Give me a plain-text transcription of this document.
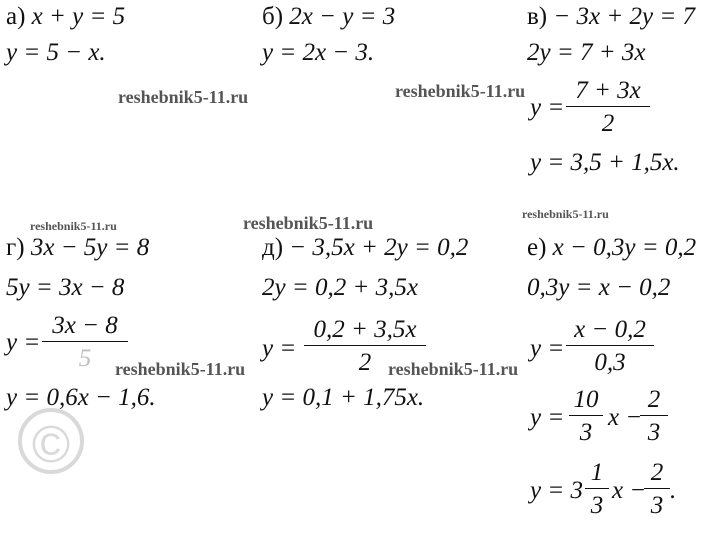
а) x + y = 5
y = 5 − x.
б) 2x − y = 3
y = 2x − 3.
в) − 3x + 2y = 7
2y = 7 + 3x
$y = \frac{7 + 3x}{2}$
y = 3,5 + 1,5x.
г) 3x − 5y = 8
5y = 3x − 8
$y = \frac{3x - 8}{5}$
y = 0,6x − 1,6.
д) − 3,5x + 2y = 0,2
2y = 0,2 + 3,5x
$y = \frac{0,2 + 3,5x}{2}$
y = 0,1 + 1,75x.
е) x − 0,3y = 0,2
0,3y = x − 0,2
$y = \frac{x - 0,2}{0,3}$
$y = \frac{10}{3}$ x −
$\frac{2}{3}$
$y = 3 \frac{1}{3}$ x −
$\frac{2}{3}$ .
reshebnik5-11.ru	reshebnik5-11.ru
reshebnik5-11.ru	reshebnik5-11.ru	reshebnik5-11.ru
reshebnik5-11.ru	reshebnik5-11.ru
©
